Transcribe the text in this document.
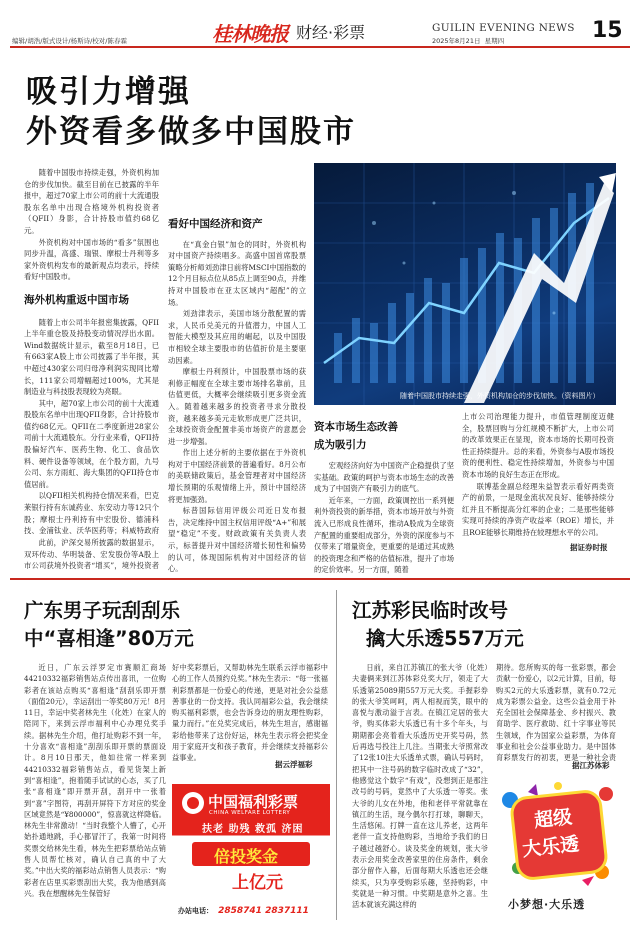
编辑/胡浩/版式设计/杨斯诗/校对/陈春霖	桂林晚报 财经·彩票	GUILIN EVENING NEWS
2025年8月21日 星期四	15
吸引力增强
外资看多做多中国股市

随着中国股市持续走强，外资机构加仓的步伐加快。截至目前在已披露的半年报中，超过70家上市公司的前十大流通股股东名单中出现合格境外机构投资者（QFII）身影，合计持股市值约68亿元。

外资机构对中国市场的“看多”氛围也同步升温，高盛、瑞银、摩根士丹利等多家外资机构发布的最新观点均表示，持续看好中国股市。

海外机构重返中国市场

随着上市公司半年报密集披露，QFII上半年重仓股及持股变动情况浮出水面。Wind数据统计显示，截至8月18日，已有663家A股上市公司披露了半年报，其中超过430家公司归母净利润实现同比增长，111家公司增幅超过100%，尤其是制造业与科技股表现较为亮眼。

其中，超70家上市公司的前十大流通股股东名单中出现QFII身影，合计持股市值约68亿元。QFII在二季度新进28家公司前十大流通股东。分行业来看，QFII持股偏好汽车、医药生物、化工、食品饮料、硬件设备等领域，在个股方面，九号公司、东方雨虹、海大集团的QFII持仓市值居前。

以QFII相关机构持仓情况来看，巴克莱银行持有东诚药业、东安动力等12只个股；摩根士丹利持有中宏股份、德浦科技、金浦钛业、沃华医药等；科威特政府

此前，沪深交易所披露的数据显示，双环传动、华明装备、宏发股份等A股上市公司获境外投资者“增买”，境外投资者

看好中国经济和资产

在“真金白银”加仓的同时，外资机构对中国资产持续唱多。高盛中国首席股票策略分析师刘劲津日前将MSCI中国指数的12个月目标点位从85点上调至90点，并维持对中国股市在亚太区域内“超配”的立场。

刘劲津表示，美国市场分散配置的需求，人民币兑美元的升值潜力，中国人工智能大模型及其应用的崛起，以及中国股市相较全球主要股市的估值折价是主要驱动因素。

摩根士丹利预计，中国股票市场的获利修正幅度在全球主要市场排名靠前，且估值更低，大概率会继续吸引更多资金流入。随着越来越多的投资者寻求分散投资，越来越多美元走软形成更广泛共识，全球投资资金配置非美市场资产的意愿会进一步增强。

作出上述分析的主要依据在于外资机构对于中国经济前景的普遍看好。8月公布的美联储政策后，基金管理者对中国经济增长预期的乐观情绪上升，预计中国经济将更加强劲。

标普国际信用评级公司近日发布报告，决定维持中国主权信用评级“A+”和展望“稳定”不变。财政政策有关负责人表示，标普提升对中国经济增长韧性和偏势的认可，体现国际机构对中国经济的信心。

随着中国股市持续走强，外资机构加仓的步伐加快。（资料图片）
资本市场生态改善
成为吸引力

宏观经济向好为中国资产企稳提供了坚实基础。政策的呵护与资本市场生态的改善成为了中国资产有吸引力的底气。

近年来，一方面，政策调控出一系列便利外资投资的新举措，资本市场开放与外资流入已形成良性循环，推动A股成为全球资产配置的重要组成部分，外资的深度参与不仅带来了增量资金，更重要的是通过其成熟的投资理念和严格的估值标准，提升了市场的定价效率。另一方面，随着

上市公司治理能力提升，市值管理制度迈健全，股票回购与分红规模不断扩大，上市公司的改革效果正在显现，资本市场的长期可投资性正持续提升。总的来看，外资参与A股市场投资的便利性、稳定性持续增加，外资参与中国资本市场的良好生态正在形成。

联博基金副总经理朱益智表示看好两类资产的前景，一是现金流状况良好、能够持续分红并且不断提高分红率的企业；二是那些能够实现可持续的净资产收益率（ROE）增长，并且ROE能够长期维持在较理想水平的公司。

据证券时报
广东男子玩刮刮乐
中“喜相逢”80万元

近日，广东云浮罗定市赛顺汇商场44210332福彩销售站点传出喜讯，一位购彩者在该站点购买“喜相逢”刮刮乐即开票（面值20元），幸运刮出一等奖80万元！8月11日，幸运中奖者林先生（化姓）在家人的陪同下，来到云浮市福利中心办理兑奖手续。据林先生介绍，他打址购彩不到一年，十分喜欢“喜相逢”刮刮乐即开票的票面设计。8月10日那天，他如往常一样来到44210332福彩销售站点，看见货架上新到“喜相逢”，抱着随手试试的心态，买了几张“喜相逢”即开票开刮，刮开中一张着到“喜”字图符，再刮开屏符下方对应的奖金区域竟然是“¥800000”，惊喜就这样降临。林先生非常激动！“当时我整个人懵了，心开始扑通地跳，手心都冒汗了，我第一时间将奖票交给林先生看，林先生把彩票给站点销售人员帮忙核对，确认自己真的中了大奖。”中出大奖的福彩站点销售人员表示：“购彩者在店里买彩票刮出大奖，我为他感到高兴。我在想醒林先生保管好

好中奖彩票后，又帮助林先生联系云浮市福彩中心的工作人员预约兑奖。”林先生表示：“每一张福利彩票都是一份爱心的传递，更是对社会公益慈善事业的一份支持。我认同福彩公益，我会继续购买福利彩票，也会告诉身边的朋友理性购彩，量力而行。”在兑奖完成后，林先生坦言，感谢福彩给他带来了这份好运，林先生表示将会把奖金用于家庭开支和孩子教育，并会继续支持福彩公益事业。

据云浮福彩
中国福利彩票
CHINA WELFARE LOTTERY
扶老 助残 救孤 济困
倍投奖金
上亿元
办站电话： 2858741 2837111
江苏彩民临时改号
擒大乐透557万元

日前，来自江苏镇江的张大爷（化姓）夫妻俩来到江苏体彩兑奖大厅，领走了大乐透第25089期557万元大奖。手握彩券的张大爷笑呵呵，两人相视而笑，眼中的喜悦与激动溢于言表。在镇江定居的张大爷，购买体彩大乐透已有十多个年头，与期期都会亮着看大乐透历史开奖号码，然后再选号投注上几注。当期张大爷照常改了12张10注大乐透单式票，确认号码时，把其中一注号码的数字临时改成了“32”，他感觉这个数字“有戏”，没想到正是那注改号的号码，竟然中了大乐透一等奖。张大爷的儿女在外地，他和老伴平常就靠在镇江的生活，现今偶尔打打球，聊聊天，生活悠闲。打牌一直在这儿养老，这两年老伴一直支持他购彩，当地给予我们的日子越过越舒心。谈及奖金的规划，张大爷表示会用奖金改善家里的住房条件，剩余部分留作入暮，后面每期大乐透也还会继续买，只为享受购彩乐趣，坚持购彩，中奖就是一种习惯。中奖期是意外之喜。生活本就该充满这样的

期待。您所购买的每一张彩票，都会贡献一份爱心，以2元计算，目前，每购买2元的大乐透彩票，就有0.72元成为彩票公益金。这些公益金用于补充全国社会保障基金、乡村振兴、教育助学、医疗救助、红十字事业等民生领域，作为国家公益彩票，为体育事业和社会公益事业助力。是中国体育彩票发行的初衷，更是一种社会责

据江苏体彩
超级
大乐透
小梦想·大乐透
